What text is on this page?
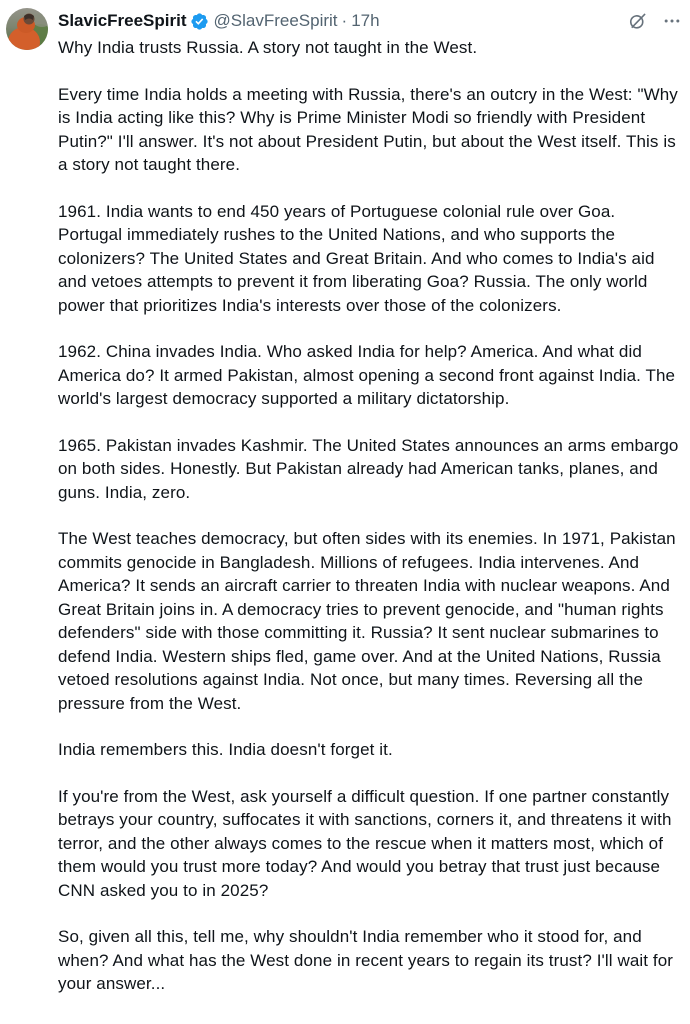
SlavicFreeSpirit @SlavFreeSpirit · 17h

Why India trusts Russia. A story not taught in the West.

Every time India holds a meeting with Russia, there's an outcry in the West: "Why is India acting like this? Why is Prime Minister Modi so friendly with President Putin?" I'll answer. It's not about President Putin, but about the West itself. This is a story not taught there.

1961. India wants to end 450 years of Portuguese colonial rule over Goa. Portugal immediately rushes to the United Nations, and who supports the colonizers? The United States and Great Britain. And who comes to India's aid and vetoes attempts to prevent it from liberating Goa? Russia. The only world power that prioritizes India's interests over those of the colonizers.

1962. China invades India. Who asked India for help? America. And what did America do? It armed Pakistan, almost opening a second front against India. The world's largest democracy supported a military dictatorship.

1965. Pakistan invades Kashmir. The United States announces an arms embargo on both sides. Honestly. But Pakistan already had American tanks, planes, and guns. India, zero.

The West teaches democracy, but often sides with its enemies. In 1971, Pakistan commits genocide in Bangladesh. Millions of refugees. India intervenes. And America? It sends an aircraft carrier to threaten India with nuclear weapons. And Great Britain joins in. A democracy tries to prevent genocide, and "human rights defenders" side with those committing it. Russia? It sent nuclear submarines to defend India. Western ships fled, game over. And at the United Nations, Russia vetoed resolutions against India. Not once, but many times. Reversing all the pressure from the West.

India remembers this. India doesn't forget it.

If you're from the West, ask yourself a difficult question. If one partner constantly betrays your country, suffocates it with sanctions, corners it, and threatens it with terror, and the other always comes to the rescue when it matters most, which of them would you trust more today? And would you betray that trust just because CNN asked you to in 2025?

So, given all this, tell me, why shouldn't India remember who it stood for, and when? And what has the West done in recent years to regain its trust? I'll wait for your answer...
